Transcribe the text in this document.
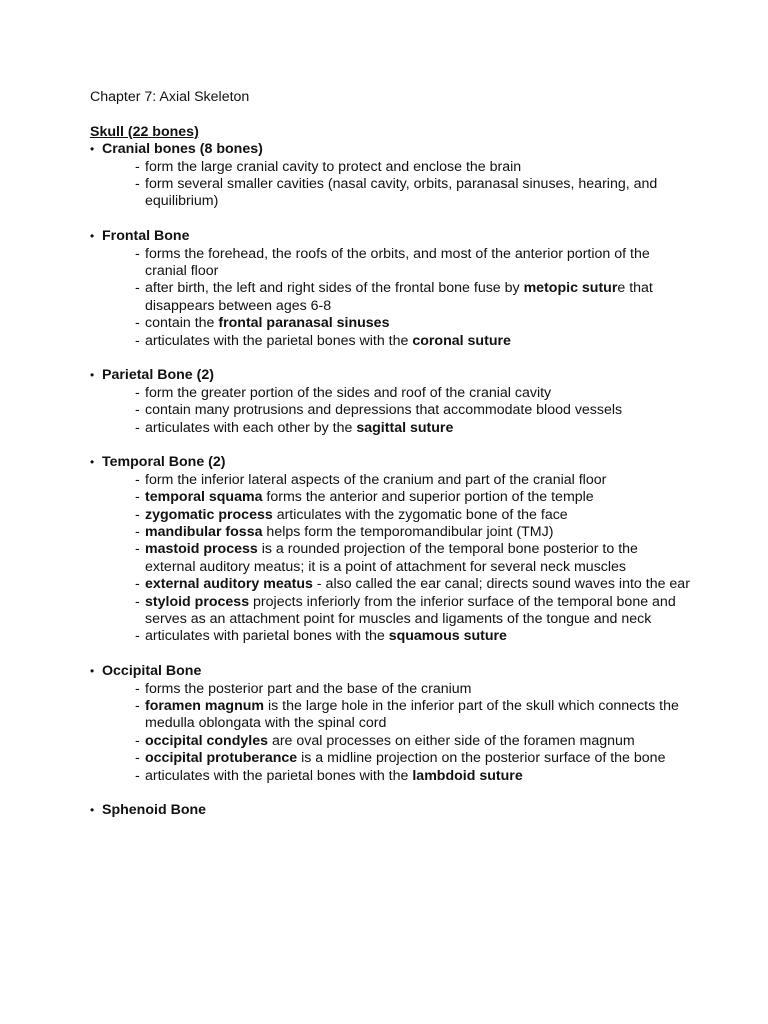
Chapter 7: Axial Skeleton
Skull (22 bones)
• Cranial bones (8 bones)
- form the large cranial cavity to protect and enclose the brain
- form several smaller cavities (nasal cavity, orbits, paranasal sinuses, hearing, and equilibrium)
• Frontal Bone
- forms the forehead, the roofs of the orbits, and most of the anterior portion of the cranial floor
- after birth, the left and right sides of the frontal bone fuse by metopic suture that disappears between ages 6-8
- contain the frontal paranasal sinuses
- articulates with the parietal bones with the coronal suture
• Parietal Bone (2)
- form the greater portion of the sides and roof of the cranial cavity
- contain many protrusions and depressions that accommodate blood vessels
- articulates with each other by the sagittal suture
• Temporal Bone (2)
- form the inferior lateral aspects of the cranium and part of the cranial floor
- temporal squama forms the anterior and superior portion of the temple
- zygomatic process articulates with the zygomatic bone of the face
- mandibular fossa helps form the temporomandibular joint (TMJ)
- mastoid process is a rounded projection of the temporal bone posterior to the external auditory meatus; it is a point of attachment for several neck muscles
- external auditory meatus - also called the ear canal; directs sound waves into the ear
- styloid process projects inferiorly from the inferior surface of the temporal bone and serves as an attachment point for muscles and ligaments of the tongue and neck
- articulates with parietal bones with the squamous suture
• Occipital Bone
- forms the posterior part and the base of the cranium
- foramen magnum is the large hole in the inferior part of the skull which connects the medulla oblongata with the spinal cord
- occipital condyles are oval processes on either side of the foramen magnum
- occipital protuberance is a midline projection on the posterior surface of the bone
- articulates with the parietal bones with the lambdoid suture
• Sphenoid Bone
